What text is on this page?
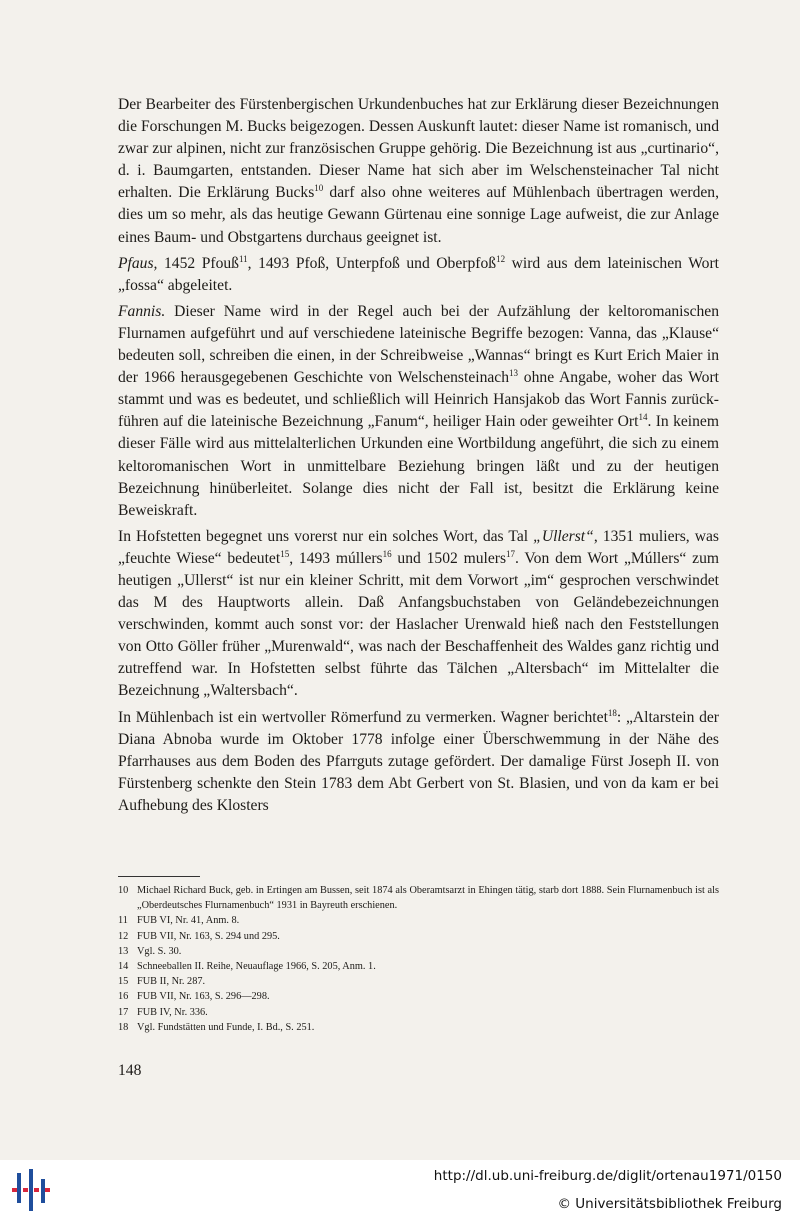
Der Bearbeiter des Fürstenbergischen Urkundenbuches hat zur Erklärung dieser Bezeichnungen die Forschungen M. Bucks beigezogen. Dessen Auskunft lautet: dieser Name ist romanisch, und zwar zur alpinen, nicht zur französischen Gruppe gehörig. Die Bezeichnung ist aus „curtinario“, d. i. Baumgarten, entstanden. Dieser Name hat sich aber im Welschensteinacher Tal nicht erhalten. Die Erklärung Bucks$^{10}$ darf also ohne weiteres auf Mühlenbach übertragen werden, dies um so mehr, als das heutige Gewann Gürtenau eine sonnige Lage aufweist, die zur Anlage eines Baum- und Obstgartens durchaus geeignet ist.

Pfaus, 1452 Pfouß$^{11}$, 1493 Pfoß, Unterpfoß und Oberpfoß$^{12}$ wird aus dem lateinischen Wort „fossa“ abgeleitet.

Fannis. Dieser Name wird in der Regel auch bei der Aufzählung der keltoromanischen Flurnamen aufgeführt und auf verschiedene lateinische Begriffe bezogen: Vanna, das „Klause“ bedeuten soll, schreiben die einen, in der Schreibweise „Wannas“ bringt es Kurt Erich Maier in der 1966 herausgegebenen Geschichte von Welschensteinach$^{13}$ ohne Angabe, woher das Wort stammt und was es bedeutet, und schließlich will Heinrich Hansjakob das Wort Fannis zurückführen auf die lateinische Bezeichnung „Fanum“, heiliger Hain oder geweihter Ort$^{14}$. In keinem dieser Fälle wird aus mittelalterlichen Urkunden eine Wortbildung angeführt, die sich zu einem keltoromanischen Wort in unmittelbare Beziehung bringen läßt und zu der heutigen Bezeichnung hinüberleitet. Solange dies nicht der Fall ist, besitzt die Erklärung keine Beweiskraft.

In Hofstetten begegnet uns vorerst nur ein solches Wort, das Tal „Ullerst“, 1351 muliers, was „feuchte Wiese“ bedeutet$^{15}$, 1493 múllers$^{16}$ und 1502 mulers$^{17}$. Von dem Wort „Múllers“ zum heutigen „Ullerst“ ist nur ein kleiner Schritt, mit dem Vorwort „im“ gesprochen verschwindet das M des Hauptworts allein. Daß Anfangsbuchstaben von Geländebezeichnungen verschwinden, kommt auch sonst vor: der Haslacher Urenwald hieß nach den Feststellungen von Otto Göller früher „Murenwald“, was nach der Beschaffenheit des Waldes ganz richtig und zutreffend war. In Hofstetten selbst führte das Tälchen „Altersbach“ im Mittelalter die Bezeichnung „Waltersbach“.

In Mühlenbach ist ein wertvoller Römerfund zu vermerken. Wagner berichtet$^{18}$: „Altarstein der Diana Abnoba wurde im Oktober 1778 infolge einer Überschwemmung in der Nähe des Pfarrhauses aus dem Boden des Pfarrguts zutage gefördert. Der damalige Fürst Joseph II. von Fürstenberg schenkte den Stein 1783 dem Abt Gerbert von St. Blasien, und von da kam er bei Aufhebung des Klosters

10 Michael Richard Buck, geb. in Ertingen am Bussen, seit 1874 als Oberamtsarzt in Ehingen tätig, starb dort 1888. Sein Flurnamenbuch ist als „Oberdeutsches Flurnamenbuch“ 1931 in Bayreuth erschienen.
11 FUB VI, Nr. 41, Anm. 8.
12 FUB VII, Nr. 163, S. 294 und 295.
13 Vgl. S. 30.
14 Schneeballen II. Reihe, Neuauflage 1966, S. 205, Anm. 1.
15 FUB II, Nr. 287.
16 FUB VII, Nr. 163, S. 296—298.
17 FUB IV, Nr. 336.
18 Vgl. Fundstätten und Funde, I. Bd., S. 251.
148
http://dl.ub.uni-freiburg.de/diglit/ortenau1971/0150
© Universitätsbibliothek Freiburg
